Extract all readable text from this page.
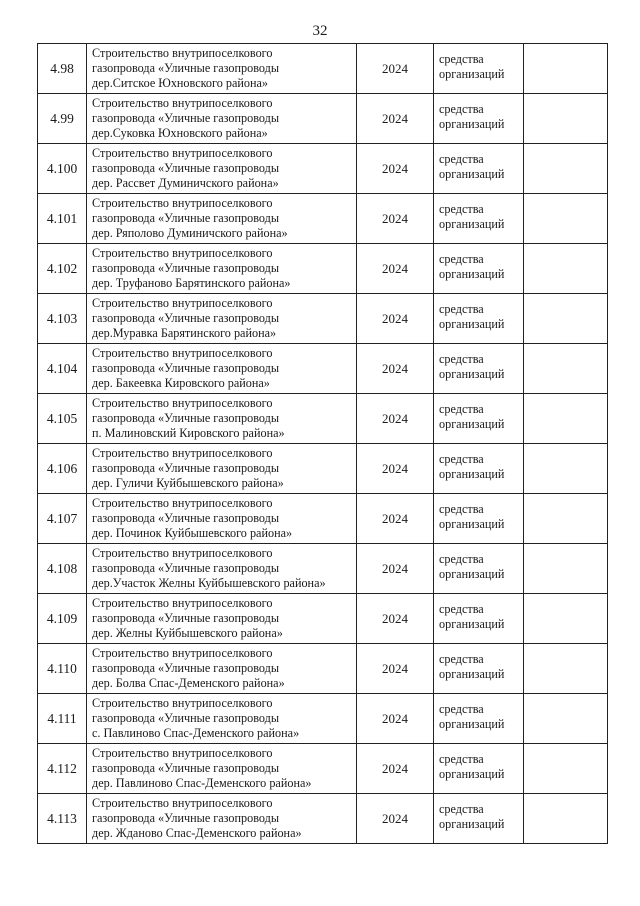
32
4.98	Строительство внутрипоселкового
газопровода «Уличные газопроводы
дер.Ситское Юхновского района»	2024	средства
организаций	

4.99	Строительство внутрипоселкового
газопровода «Уличные газопроводы
дер.Суковка Юхновского района»	2024	средства
организаций	

4.100	Строительство внутрипоселкового
газопровода «Уличные газопроводы
дер. Рассвет Думиничского района»	2024	средства
организаций	

4.101	Строительство внутрипоселкового
газопровода «Уличные газопроводы
дер. Ряполово Думиничского района»	2024	средства
организаций	

4.102	Строительство внутрипоселкового
газопровода «Уличные газопроводы
дер. Труфаново Барятинского района»	2024	средства
организаций	

4.103	Строительство внутрипоселкового
газопровода «Уличные газопроводы
дер.Муравка Барятинского района»	2024	средства
организаций	

4.104	Строительство внутрипоселкового
газопровода «Уличные газопроводы
дер. Бакеевка Кировского района»	2024	средства
организаций	

4.105	Строительство внутрипоселкового
газопровода «Уличные газопроводы
п. Малиновский Кировского района»	2024	средства
организаций	

4.106	Строительство внутрипоселкового
газопровода «Уличные газопроводы
дер. Гуличи Куйбышевского района»	2024	средства
организаций	

4.107	Строительство внутрипоселкового
газопровода «Уличные газопроводы
дер. Починок Куйбышевского района»	2024	средства
организаций	

4.108	Строительство внутрипоселкового
газопровода «Уличные газопроводы
дер.Участок Желны Куйбышевского района»	2024	средства
организаций	

4.109	Строительство внутрипоселкового
газопровода «Уличные газопроводы
дер. Желны Куйбышевского района»	2024	средства
организаций	

4.110	Строительство внутрипоселкового
газопровода «Уличные газопроводы
дер. Болва Спас-Деменского района»	2024	средства
организаций	

4.111	Строительство внутрипоселкового
газопровода «Уличные газопроводы
с. Павлиново Спас-Деменского района»	2024	средства
организаций	

4.112	Строительство внутрипоселкового
газопровода «Уличные газопроводы
дер. Павлиново Спас-Деменского района»	2024	средства
организаций	

4.113	Строительство внутрипоселкового
газопровода «Уличные газопроводы
дер. Жданово Спас-Деменского района»	2024	средства
организаций	
